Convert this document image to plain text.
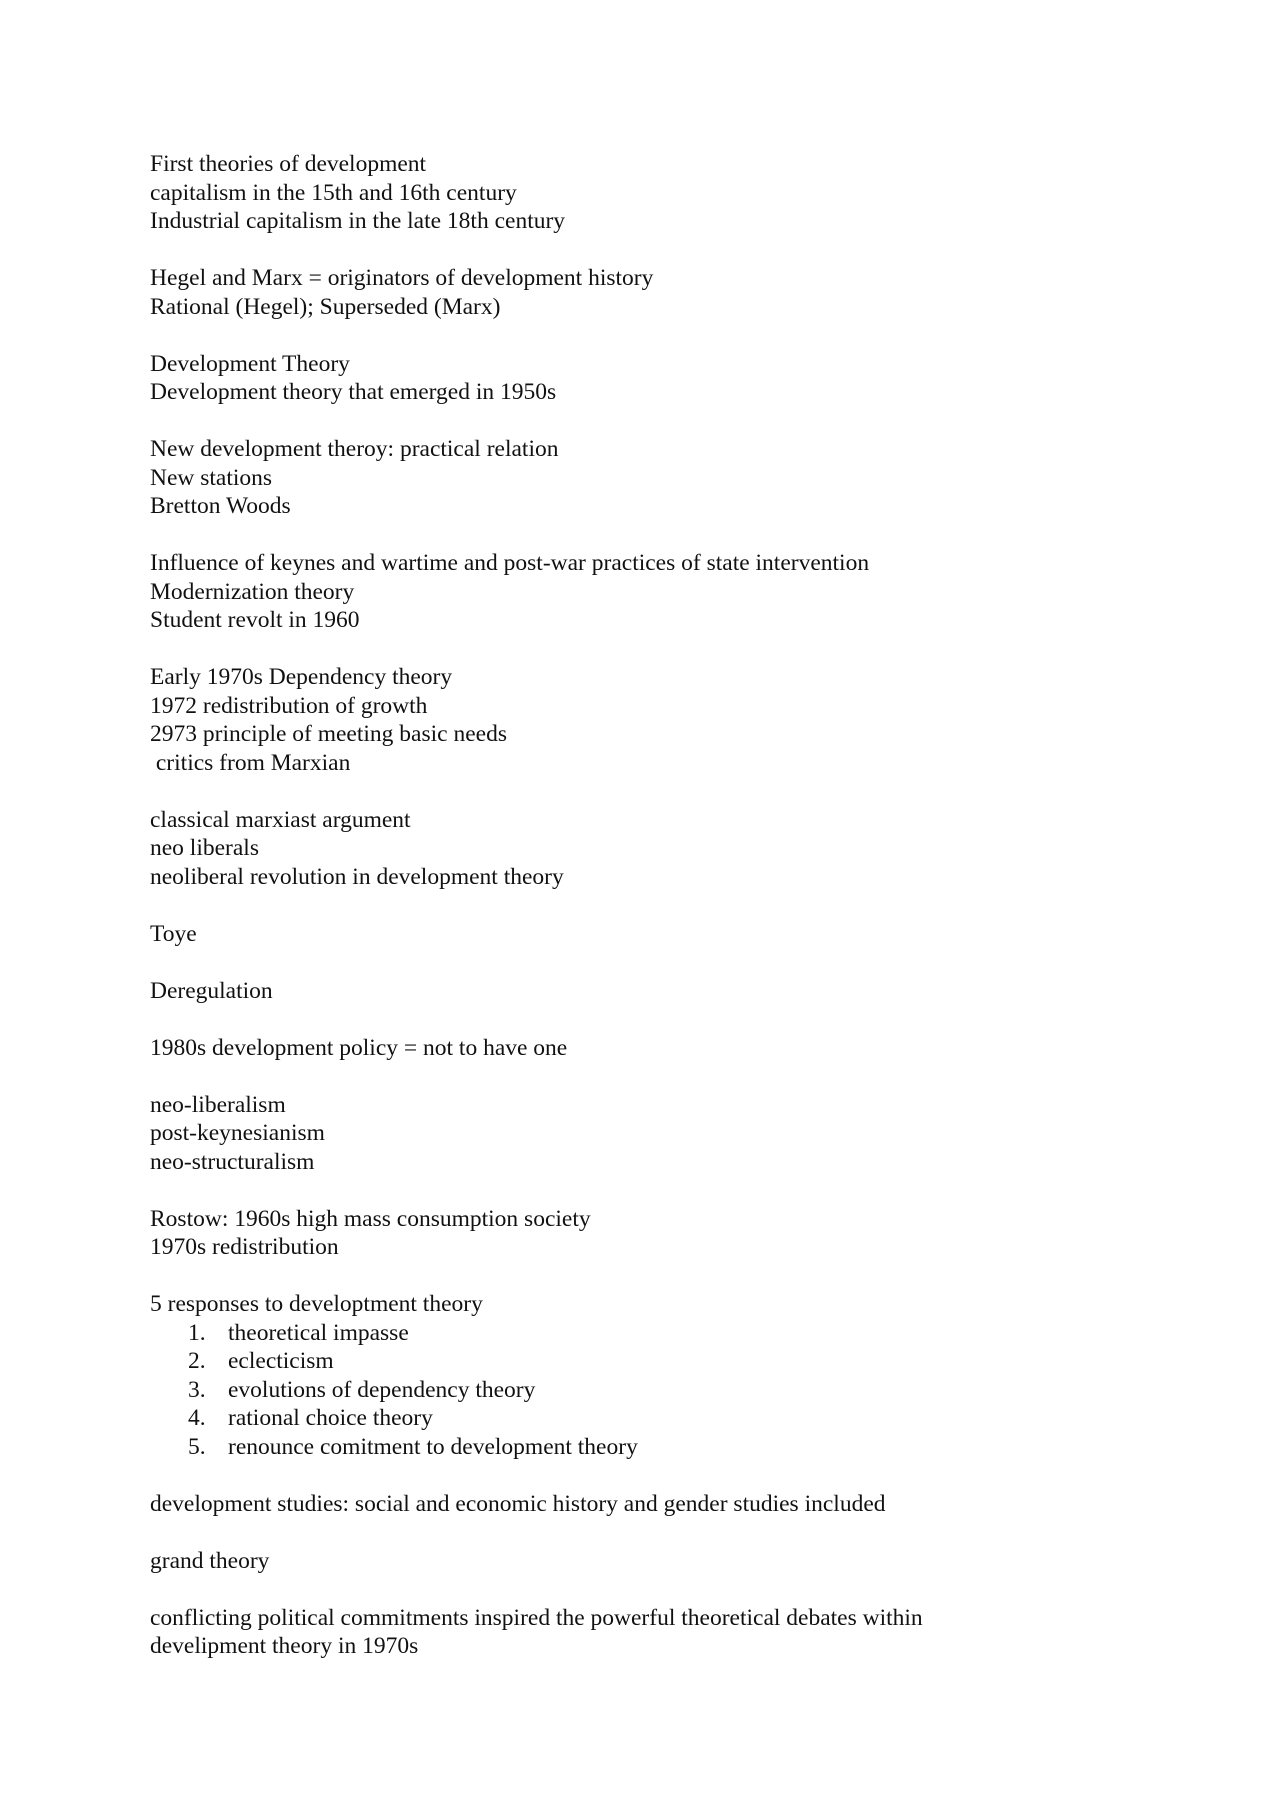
First theories of development
capitalism in the 15th and 16th century
Industrial capitalism in the late 18th century
Hegel and Marx = originators of development history
Rational (Hegel); Superseded (Marx)
Development Theory
Development theory that emerged in 1950s
New development theroy: practical relation
New stations
Bretton Woods
Influence of keynes and wartime and post-war practices of state intervention
Modernization theory
Student revolt in 1960
Early 1970s Dependency theory
1972 redistribution of growth
2973 principle of meeting basic needs
critics from Marxian
classical marxiast argument
neo liberals
neoliberal revolution in development theory
Toye
Deregulation
1980s development policy = not to have one
neo-liberalism
post-keynesianism
neo-structuralism
Rostow: 1960s high mass consumption society
1970s redistribution
5 responses to developtment theory
1. theoretical impasse
2. eclecticism
3. evolutions of dependency theory
4. rational choice theory
5. renounce comitment to development theory
development studies: social and economic history and gender studies included
grand theory
conflicting political commitments inspired the powerful theoretical debates within
develipment theory in 1970s
